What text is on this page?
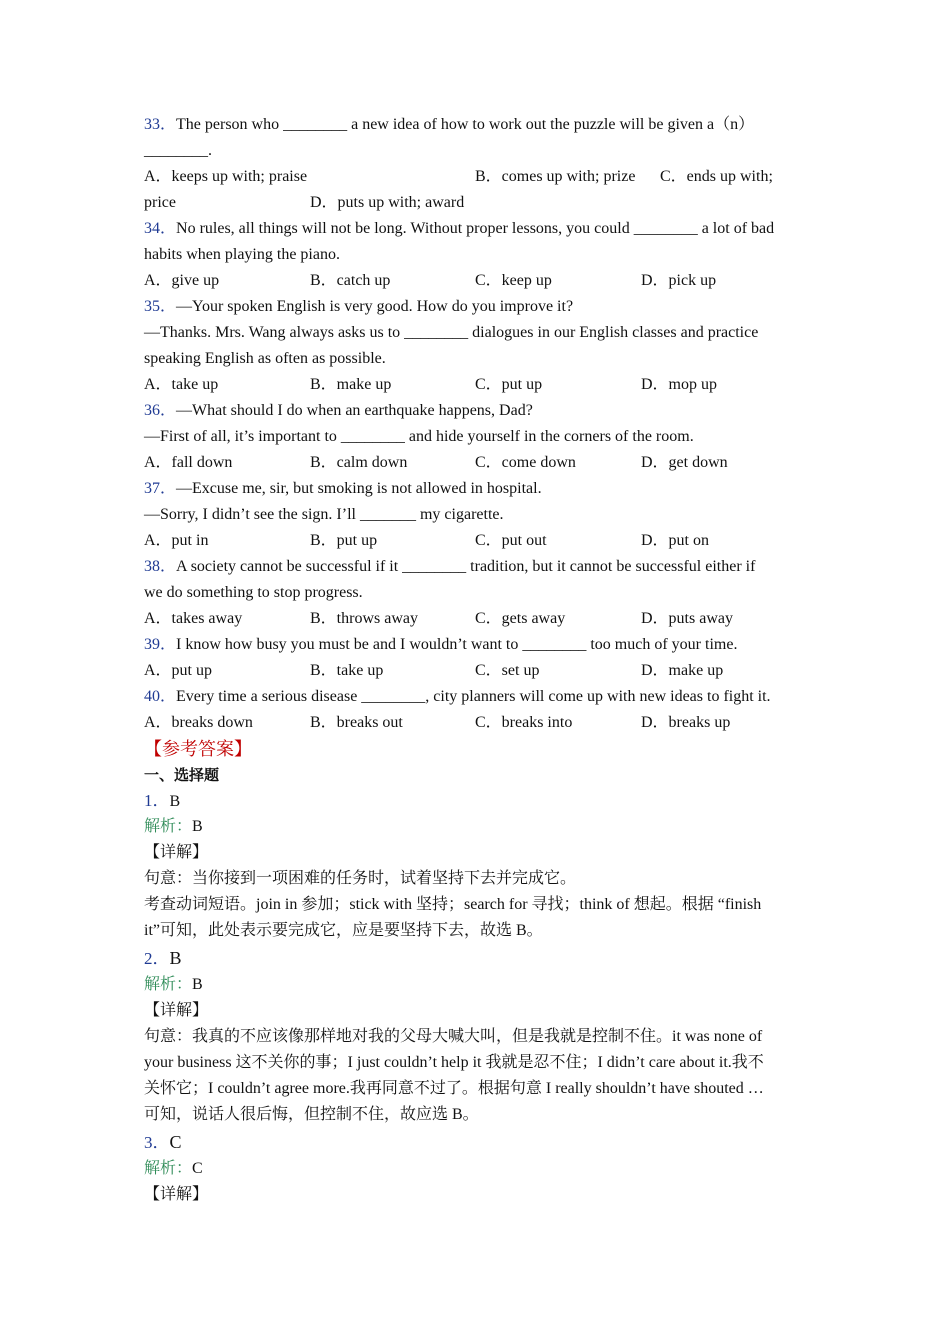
33．The person who ________ a new idea of how to work out the puzzle will be given a（n）
________.
A．keeps up with; praise	B．comes up with; prize C．ends up with;
price	D．puts up with; award
34．No rules, all things will not be long. Without proper lessons, you could ________ a lot of bad
habits when playing the piano.
A．give up	B．catch up	C．keep up	D．pick up
35．—Your spoken English is very good. How do you improve it?
—Thanks. Mrs. Wang always asks us to ________ dialogues in our English classes and practice
speaking English as often as possible.
A．take up	B．make up	C．put up	D．mop up
36．—What should I do when an earthquake happens, Dad?
—First of all, it’s important to ________ and hide yourself in the corners of the room.
A．fall down	B．calm down	C．come down	D．get down
37．—Excuse me, sir, but smoking is not allowed in hospital.
—Sorry, I didn’t see the sign. I’ll _______ my cigarette.
A．put in	B．put up	C．put out	D．put on
38．A society cannot be successful if it ________ tradition, but it cannot be successful either if
we do something to stop progress.
A．takes away	B．throws away	C．gets away	D．puts away
39．I know how busy you must be and I wouldn’t want to ________ too much of your time.
A．put up	B．take up	C．set up	D．make up
40．Every time a serious disease ________, city planners will come up with new ideas to fight it.
A．breaks down	B．breaks out	C．breaks into	D．breaks up
【参考答案】
一、选择题
1．B
解析：B
【详解】
句意：当你接到一项困难的任务时，试着坚持下去并完成它。
考查动词短语。join in 参加；stick with 坚持；search for 寻找；think of 想起。根据 “finish
it”可知，此处表示要完成它，应是要坚持下去，故选 B。
2．B
解析：B
【详解】
句意：我真的不应该像那样地对我的父母大喊大叫，但是我就是控制不住。it was none of
your business 这不关你的事；I just couldn’t help it 我就是忍不住；I didn’t care about it.我不
关怀它；I couldn’t agree more.我再同意不过了。根据句意 I really shouldn’t have shouted …
可知，说话人很后悔，但控制不住，故应选 B。
3．C
解析：C
【详解】
